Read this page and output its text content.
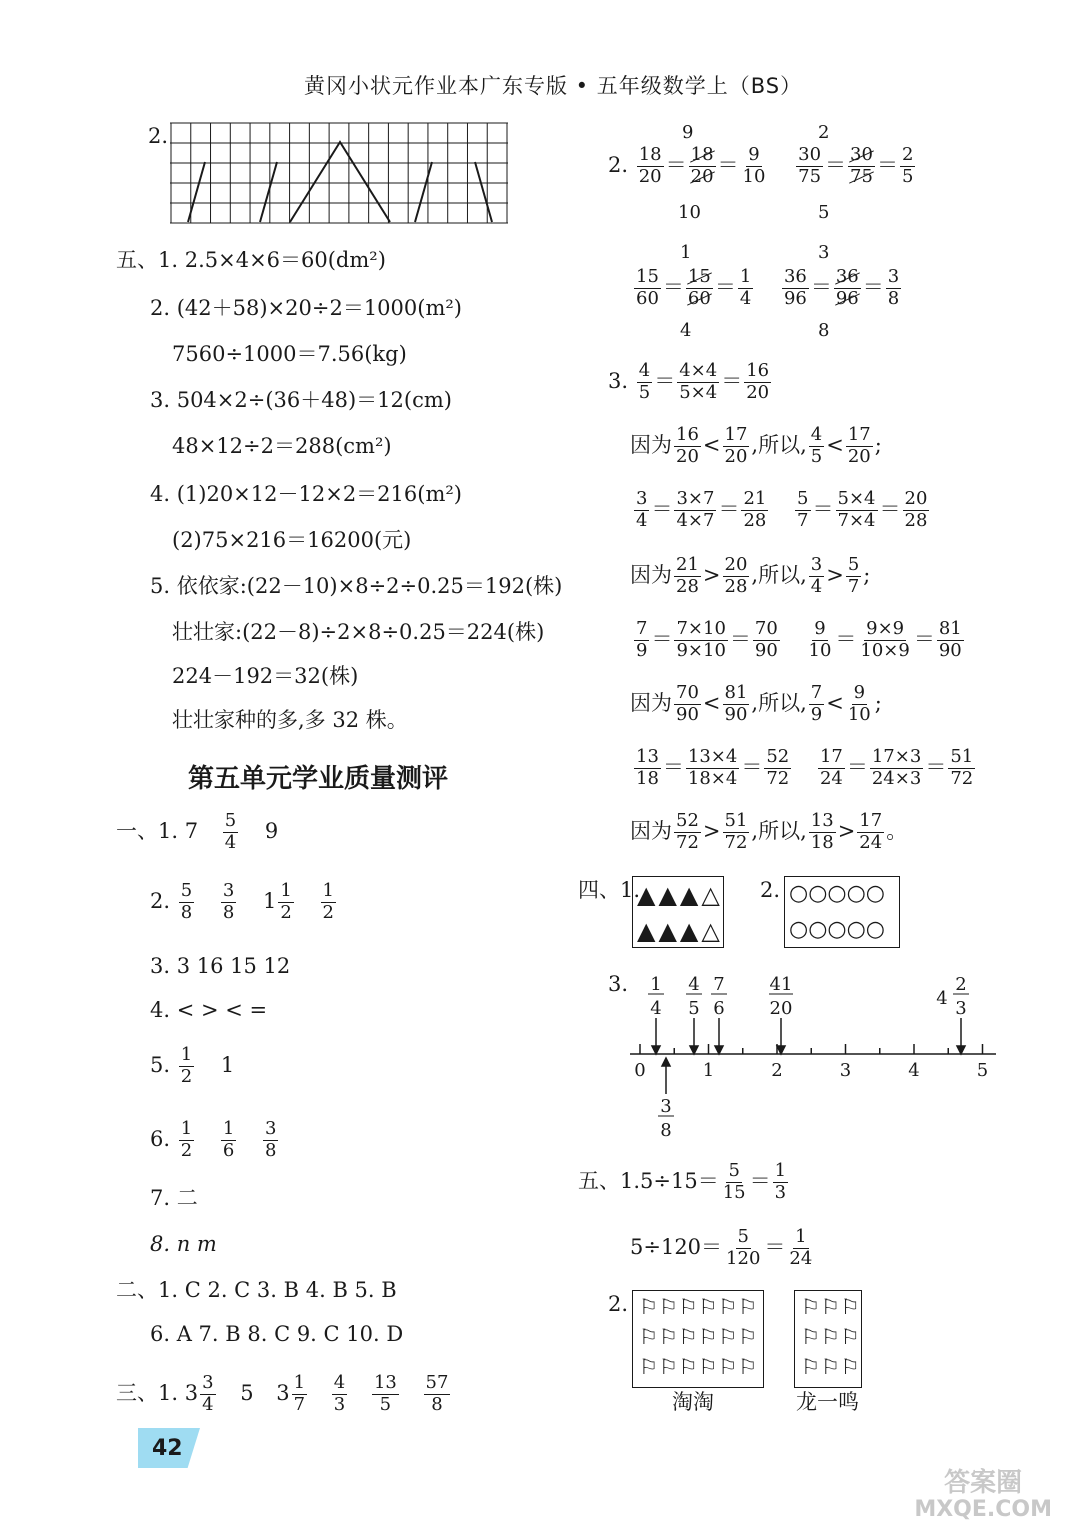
黄冈小状元作业本广东专版 • 五年级数学上（BS）
2.
五、1. 2.5×4×6＝60(dm²)
2. (42＋58)×20÷2＝1000(m²)
7560÷1000＝7.56(kg)
3. 504×2÷(36＋48)＝12(cm)
48×12÷2＝288(cm²)
4. (1)20×12－12×2＝216(m²)
(2)75×216＝16200(元)
5. 依依家:(22－10)×8÷2÷0.25＝192(株)
壮壮家:(22－8)÷2×8÷0.25＝224(株)
224－192＝32(株)
壮壮家种的多,多 32 株。
第五单元学业质量测评
一、1. $7 \frac{5}{4} 9$
2. $\frac{5}{8}$
$\frac{3}{8} 1 \frac{1}{2}$
$\frac{1}{2}$
3. 3 16 15 12
4. < > < =
5. $\frac{1}{2} 1$
6. $\frac{1}{2}$
$\frac{1}{6}$
$\frac{3}{8}$
7. 二
8. n m
二、1. C 2. C 3. B 4. B 5. B
6. A 7. B 8. C 9. C 10. D
三、1. $3 \frac{3}{4} 5$ $3 \frac{1}{7}$
$\frac{4}{3}$
$\frac{13}{5}$
$\frac{57}{8}$
42
2. $\frac{18}{20} = \frac{18}{20} = \frac{9}{10}$
$\frac{30}{75} = \frac{30}{75} = \frac{2}{5}$
9
10
2
5
$\frac{15}{60} = \frac{15}{60} = \frac{1}{4}$
$\frac{36}{96} = \frac{36}{96} = \frac{3}{8}$
1
4
3
8
3. $\frac{4}{5} = \frac{4\times 4}{5\times 4} = \frac{16}{20}$
因为 $\frac{16}{20} < \frac{17}{20}$ ,所以, $\frac{4}{5} < \frac{17}{20}$ ;
$\frac{3}{4} = \frac{3\times 7}{4\times 7} = \frac{21}{28}$
$\frac{5}{7} = \frac{5\times 4}{7\times 4} = \frac{20}{28}$
因为 $\frac{21}{28} > \frac{20}{28}$ ,所以, $\frac{3}{4} > \frac{5}{7}$ ;
$\frac{7}{9} = \frac{7\times 10}{9\times 10} = \frac{70}{90}$
$\frac{9}{10} = \frac{9\times 9}{10\times 9} = \frac{81}{90}$
因为 $\frac{70}{90} < \frac{81}{90}$ ,所以, $\frac{7}{9} < \frac{9}{10}$ ;
$\frac{13}{18} = \frac{13\times 4}{18\times 4} = \frac{52}{72}$
$\frac{17}{24} = \frac{17\times 3}{24\times 3} = \frac{51}{72}$
因为 $\frac{52}{72} > \frac{51}{72}$ ,所以, $\frac{13}{18} > \frac{17}{24}$ 。
四、1.
▲▲▲△
▲▲▲△
2. ○○○○○
○○○○○
3. 1
4
4
5
7
6
41
20	4
2
3
3
8
0	1	2	3	4	5
五、$1.5\div 15= \frac{5}{15} = \frac{1}{3}$
$5\div 120= \frac{5}{120} = \frac{1}{24}$
2. ⚐⚐⚐⚐⚐⚐
⚐⚐⚐⚐⚐⚐
⚐⚐⚐⚐⚐⚐
⚐⚐⚐
⚐⚐⚐
⚐⚐⚐
淘淘	龙一鸣
答案圈
MXQE.COM
